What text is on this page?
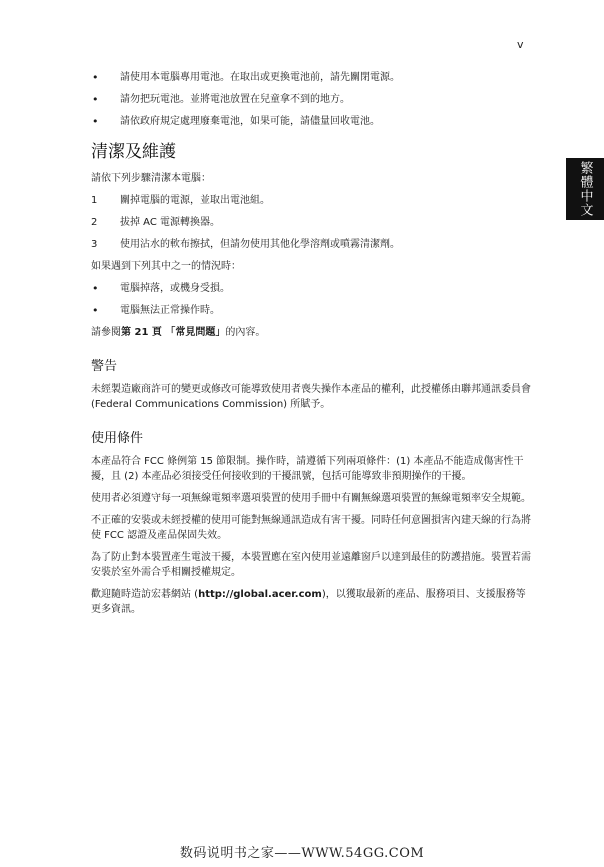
v
繁體中文
• 請使用本電腦專用電池。在取出或更換電池前，請先關閉電源。
• 請勿把玩電池。並將電池放置在兒童拿不到的地方。
• 請依政府規定處理廢棄電池，如果可能，請儘量回收電池。
清潔及維護

請依下列步驟清潔本電腦：

1 關掉電腦的電源，並取出電池組。
2 拔掉 AC 電源轉換器。
3 使用沾水的軟布擦拭，但請勿使用其他化學溶劑或噴霧清潔劑。

如果遇到下列其中之一的情況時：

• 電腦掉落，或機身受損。
• 電腦無法正常操作時。

請參閱第 21 頁 「常見問題」的內容。

警告

未經製造廠商許可的變更或修改可能導致使用者喪失操作本產品的權利，此授權係由聯邦通訊委員會 (Federal Communications Commission) 所賦予。

使用條件

本產品符合 FCC 條例第 15 節限制。操作時，請遵循下列兩項條件：(1) 本產品不能造成傷害性干擾，且 (2) 本產品必須接受任何接收到的干擾訊號，包括可能導致非預期操作的干擾。

使用者必須遵守每一項無線電頻率選項裝置的使用手冊中有關無線選項裝置的無線電頻率安全規範。

不正確的安裝或未經授權的使用可能對無線通訊造成有害干擾。同時任何意圖損害內建天線的行為將使 FCC 認證及產品保固失效。

為了防止對本裝置產生電波干擾，本裝置應在室內使用並遠離窗戶以達到最佳的防護措施。裝置若需安裝於室外需合乎相關授權規定。

歡迎隨時造訪宏碁網站 (http://global.acer.com)，以獲取最新的產品、服務項目、支援服務等更多資訊。

数码说明书之家——WWW.54GG.COM
